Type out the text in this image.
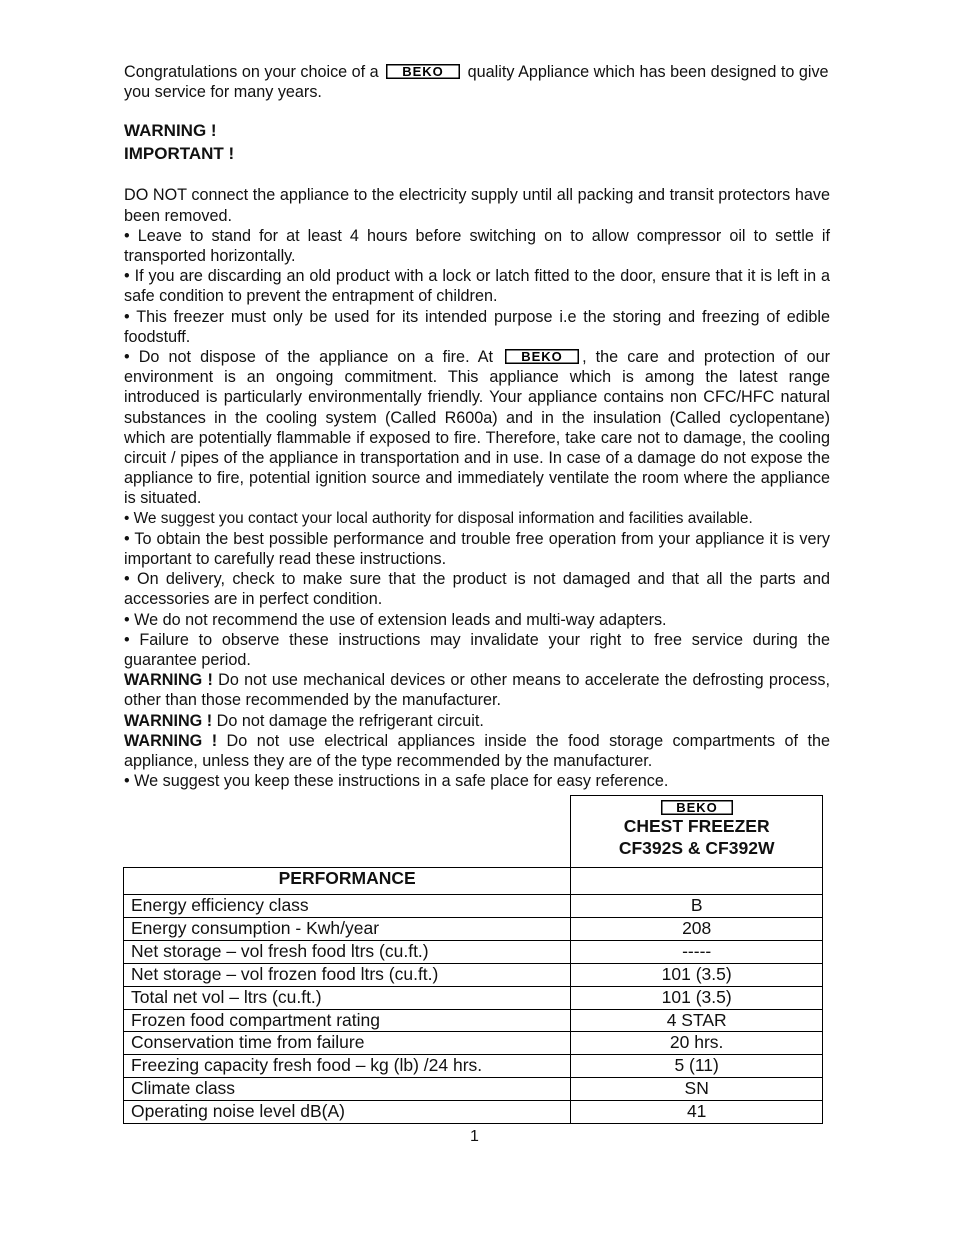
Congratulations on your choice of a BEKO quality Appliance which has been designed to give you service for many years.

WARNING !
IMPORTANT !

DO NOT connect the appliance to the electricity supply until all packing and transit protectors have been removed.

• Leave to stand for at least 4 hours before switching on to allow compressor oil to settle if transported horizontally.

• If you are discarding an old product with a lock or latch fitted to the door, ensure that it is left in a safe condition to prevent the entrapment of children.

• This freezer must only be used for its intended purpose i.e the storing and freezing of edible foodstuff.

• Do not dispose of the appliance on a fire. At BEKO , the care and protection of our environment is an ongoing commitment. This appliance which is among the latest range introduced is particularly environmentally friendly. Your appliance contains non CFC/HFC natural substances in the cooling system (Called R600a) and in the insulation (Called cyclopentane) which are potentially flammable if exposed to fire. Therefore, take care not to damage, the cooling circuit / pipes of the appliance in transportation and in use. In case of a damage do not expose the appliance to fire, potential ignition source and immediately ventilate the room where the appliance is situated.

• We suggest you contact your local authority for disposal information and facilities available.

• To obtain the best possible performance and trouble free operation from your appliance it is very important to carefully read these instructions.

• On delivery, check to make sure that the product is not damaged and that all the parts and accessories are in perfect condition.

• We do not recommend the use of extension leads and multi-way adapters.

• Failure to observe these instructions may invalidate your right to free service during the guarantee period.

WARNING ! Do not use mechanical devices or other means to accelerate the defrosting process, other than those recommended by the manufacturer.

WARNING ! Do not damage the refrigerant circuit.

WARNING ! Do not use electrical appliances inside the food storage compartments of the appliance, unless they are of the type recommended by the manufacturer.

• We suggest you keep these instructions in a safe place for easy reference.

BEKO
CHEST FREEZER
CF392S & CF392W

PERFORMANCE	
Energy efficiency class	B
Energy consumption - Kwh/year	208
Net storage – vol fresh food ltrs (cu.ft.)	-----
Net storage – vol frozen food ltrs (cu.ft.)	101 (3.5)
Total net vol – ltrs (cu.ft.)	101 (3.5)
Frozen food compartment rating	4 STAR
Conservation time from failure	20 hrs.
Freezing capacity fresh food – kg (lb) /24 hrs.	5 (11)
Climate class	SN
Operating noise level dB(A)	41
1
